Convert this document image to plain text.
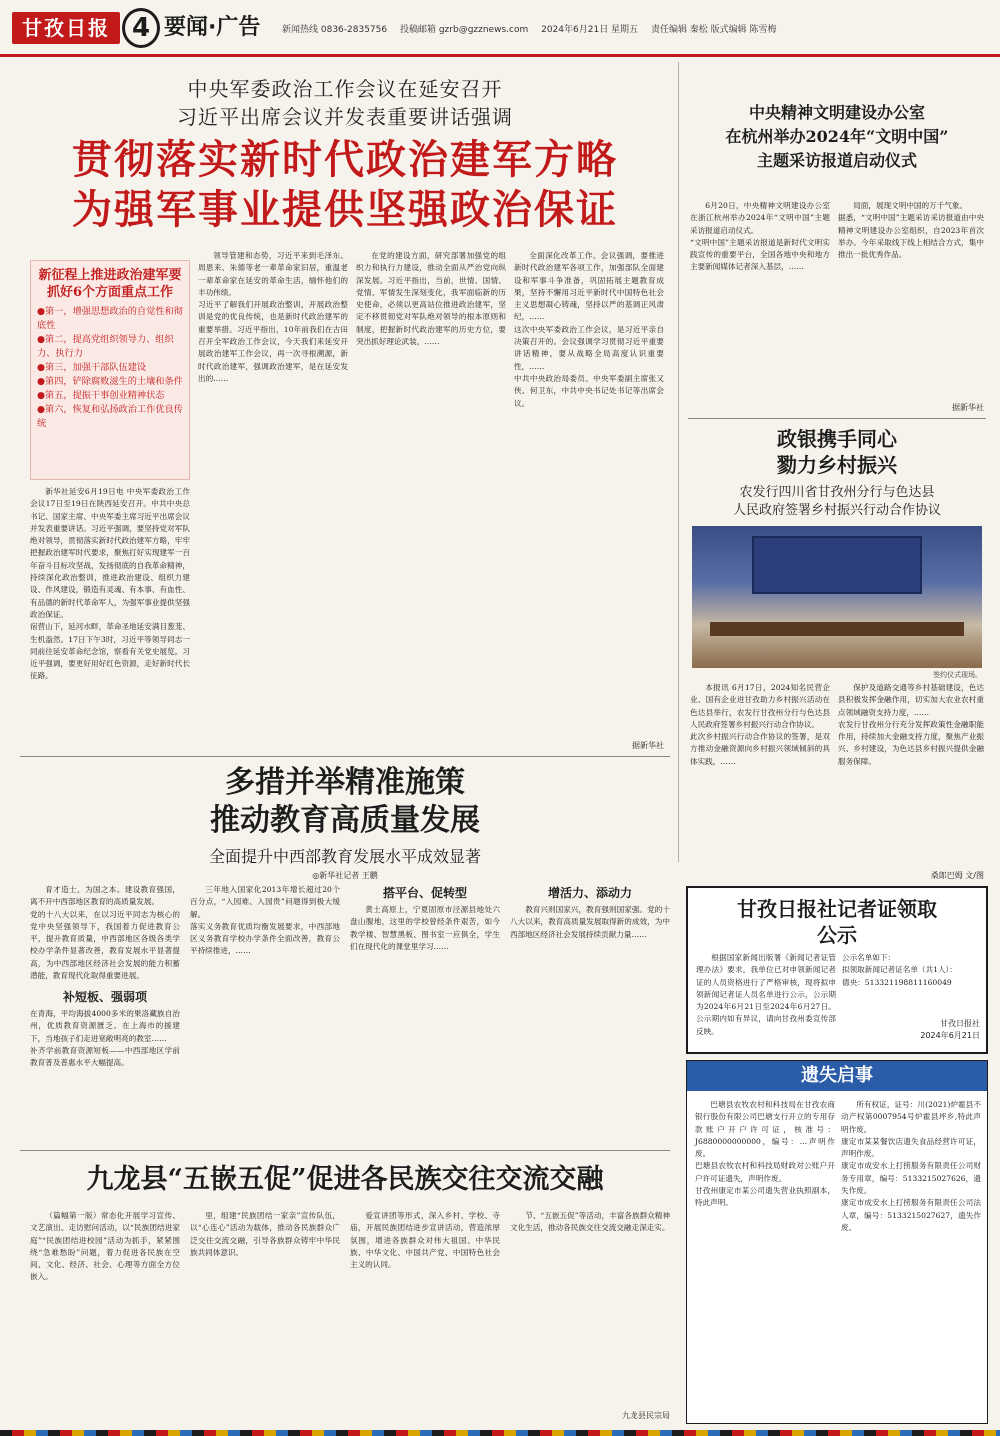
甘孜日报 4 要闻·广告 新闻热线 0836-2835756 投稿邮箱 gzrb@gzznews.com 2024年6月21日 星期五 责任编辑 秦松 版式编辑 陈雪梅
中央军委政治工作会议在延安召开
习近平出席会议并发表重要讲话强调
贯彻落实新时代政治建军方略
为强军事业提供坚强政治保证
新征程上推进政治建军要抓好6个方面重点工作
●第一，增强思想政治的自觉性和彻底性
●第二，提高党组织领导力、组织力、执行力
●第三，加强干部队伍建设
●第四，铲除腐败滋生的土壤和条件
●第五，提振干事创业精神状态
●第六，恢复和弘扬政治工作优良传统
新华社延安6月19日电 中央军委政治工作会议17日至19日在陕西延安召开。中共中央总书记、国家主席、中央军委主席习近平出席会议并发表重要讲话。习近平强调，要坚持党对军队绝对领导，贯彻落实新时代政治建军方略，牢牢把握政治建军时代要求，聚焦打好实现建军一百年奋斗目标攻坚战，发扬彻底的自我革命精神，持续深化政治整训，推进政治建设、组织力建设、作风建设，锻造有灵魂、有本事、有血性、有品德的新时代革命军人，为强军事业提供坚强政治保证。
宿营山下，延河水畔，革命圣地延安满目葱茏、生机盎然。17日下午3时，习近平等领导同志一同前往延安革命纪念馆，察看有关党史展览。习近平强调，要更好用好红色资源，走好新时代长征路。
领导管建和态势，习近平来到毛泽东、周恩来、朱德等老一辈革命家旧居，重温老一辈革命家在延安的革命生活，缅怀他们的丰功伟绩。
习近平了解我们开展政治整训，开展政治整训是党的优良传统，也是新时代政治建军的重要举措。习近平指出，10年前我们在古田召开全军政治工作会议，今天我们来延安开展政治建军工作会议，再一次寻根溯源，新时代政治建军，强调政治建军，是在延安发出的……
在党的建设方面，研究部署加强党的组织力和执行力建设，推动全面从严治党向纵深发展。习近平指出，当前，世情、国情、党情、军情发生深刻变化，我军面临新的历史使命，必须以更高站位推进政治建军，坚定不移贯彻党对军队绝对领导的根本原则和制度，把握新时代政治建军的历史方位，要突出抓好理论武装，……
全面深化改革工作。会议强调，要推进新时代政治建军各项工作，加强部队全面建设和军事斗争准备，巩固拓展主题教育成果，坚持不懈用习近平新时代中国特色社会主义思想凝心铸魂，坚持以严的基调正风肃纪，……
这次中央军委政治工作会议，是习近平亲自决策召开的。会议强调学习贯彻习近平重要讲话精神，要从战略全局高度认识重要性，……
中共中央政治局委员、中央军委副主席张又侠、何卫东，中共中央书记处书记等出席会议。
据新华社
多措并举精准施策
推动教育高质量发展
全面提升中西部教育发展水平成效显著
◎新华社记者 王鹏
育才造士，为国之本。建设教育强国，离不开中西部地区教育的高质量发展。
党的十八大以来，在以习近平同志为核心的党中央坚强领导下，我国着力促进教育公平，提升教育质量，中西部地区各级各类学校办学条件显著改善，教育发展水平显著提高，为中西部地区经济社会发展的能力积蓄潜能，教育现代化取得重要进展。
补短板、强弱项
在青海，平均海拔4000多米的果洛藏族自治州，优质教育资源匮乏。在上海市的援建下，当地孩子们走进宽敞明亮的教室……
补齐学前教育资源短板——中西部地区学前教育普及普惠水平大幅提高。
三年地入国家化2013年增长超过20个百分点，“入园难、入园贵”问题得到极大缓解。
落实义务教育优质均衡发展要求，中西部地区义务教育学校办学条件全面改善，教育公平持续推进，……
搭平台、促转型
黄土高原上，宁夏固原市泾源县地处六盘山腹地，这里的学校曾经条件艰苦，如今教学楼、智慧黑板、图书室一应俱全，学生们在现代化的课堂里学习……
增活力、添动力
教育兴则国家兴，教育强则国家强。党的十八大以来，教育高质量发展取得新的成效，为中西部地区经济社会发展持续贡献力量……
九龙县“五嵌五促”促进各民族交往交流交融
（篇幅第一版）常态化开展学习宣传、文艺演出、走访慰问活动，以“民族团结进家庭”“民族团结进校园”活动为抓手，紧紧围绕“急难愁盼”问题，着力促进各民族在空间、文化、经济、社会、心理等方面全方位嵌入。
里，组建“民族团结一家亲”宣传队伍，以“心连心”活动为载体，推动各民族群众广泛交往交流交融，引导各族群众铸牢中华民族共同体意识。
爱宣讲团等形式，深入乡村、学校、寺庙，开展民族团结进步宣讲活动，营造浓厚氛围，增进各族群众对伟大祖国、中华民族、中华文化、中国共产党、中国特色社会主义的认同。
节、“五嵌五促”等活动，丰富各族群众精神文化生活，推动各民族交往交流交融走深走实。
九龙县民宗局
中央精神文明建设办公室
在杭州举办2024年“文明中国”
主题采访报道启动仪式
6月20日，中央精神文明建设办公室在浙江杭州举办2024年“文明中国”主题采访报道启动仪式。
“文明中国”主题采访报道是新时代文明实践宣传的重要平台，全国各地中央和地方主要新闻媒体记者深入基层，……
局面，展现文明中国的万千气象。
据悉，“文明中国”主题采访采访报道由中央精神文明建设办公室组织，自2023年首次举办。今年采取线下线上相结合方式，集中推出一批优秀作品。
据新华社
政银携手同心
勠力乡村振兴
农发行四川省甘孜州分行与色达县
人民政府签署乡村振兴行动合作协议
签约仪式现场。
本报讯 6月17日，2024知名民营企业、国有企业进甘孜助力乡村振兴活动在色达县举行，农发行甘孜州分行与色达县人民政府签署乡村振兴行动合作协议。
此次乡村振兴行动合作协议的签署，是双方推动金融资源向乡村振兴领域倾斜的具体实践，……
保护及道路交通等乡村基础建设，色达县积极发挥金融作用，切实加大农业农村重点领域融资支持力度，……
农发行甘孜州分行充分发挥政策性金融职能作用，持续加大金融支持力度，聚焦产业振兴、乡村建设，为色达县乡村振兴提供金融服务保障。
桑郎巴姆 文/图
甘孜日报社记者证领取
公示
根据国家新闻出版署《新闻记者证管理办法》要求，我单位已对申领新闻记者证的人员资格进行了严格审核，现将拟申领新闻记者证人员名单进行公示，公示期为2024年6月21日至2024年6月27日。公示期内如有异议，请向甘孜州委宣传部反映。
公示名单如下：
拟领取新闻记者证名单（共1人）：
德央：513321198811160049
甘孜日报社
2024年6月21日
遗失启事
巴塘县农牧农村和科技局在甘孜农商银行股份有限公司巴塘支行开立的专用存款账户开户许可证，核准号：J6880000000000，编号：…声明作废。
巴塘县农牧农村和科技局财政对公账户开户许可证遗失，声明作废。
甘孜州康定市某公司遗失营业执照副本，特此声明。
所有权证，证号：川(2021)炉霍县不动产权第0007954号炉霍县坪乡,特此声明作废。
康定市某某餐饮店遗失食品经营许可证，声明作废。
康定市成安水上打捞服务有限责任公司财务专用章，编号：5133215027626，遗失作废。
康定市成安水上打捞服务有限责任公司法人章，编号：5133215027627，遗失作废。
